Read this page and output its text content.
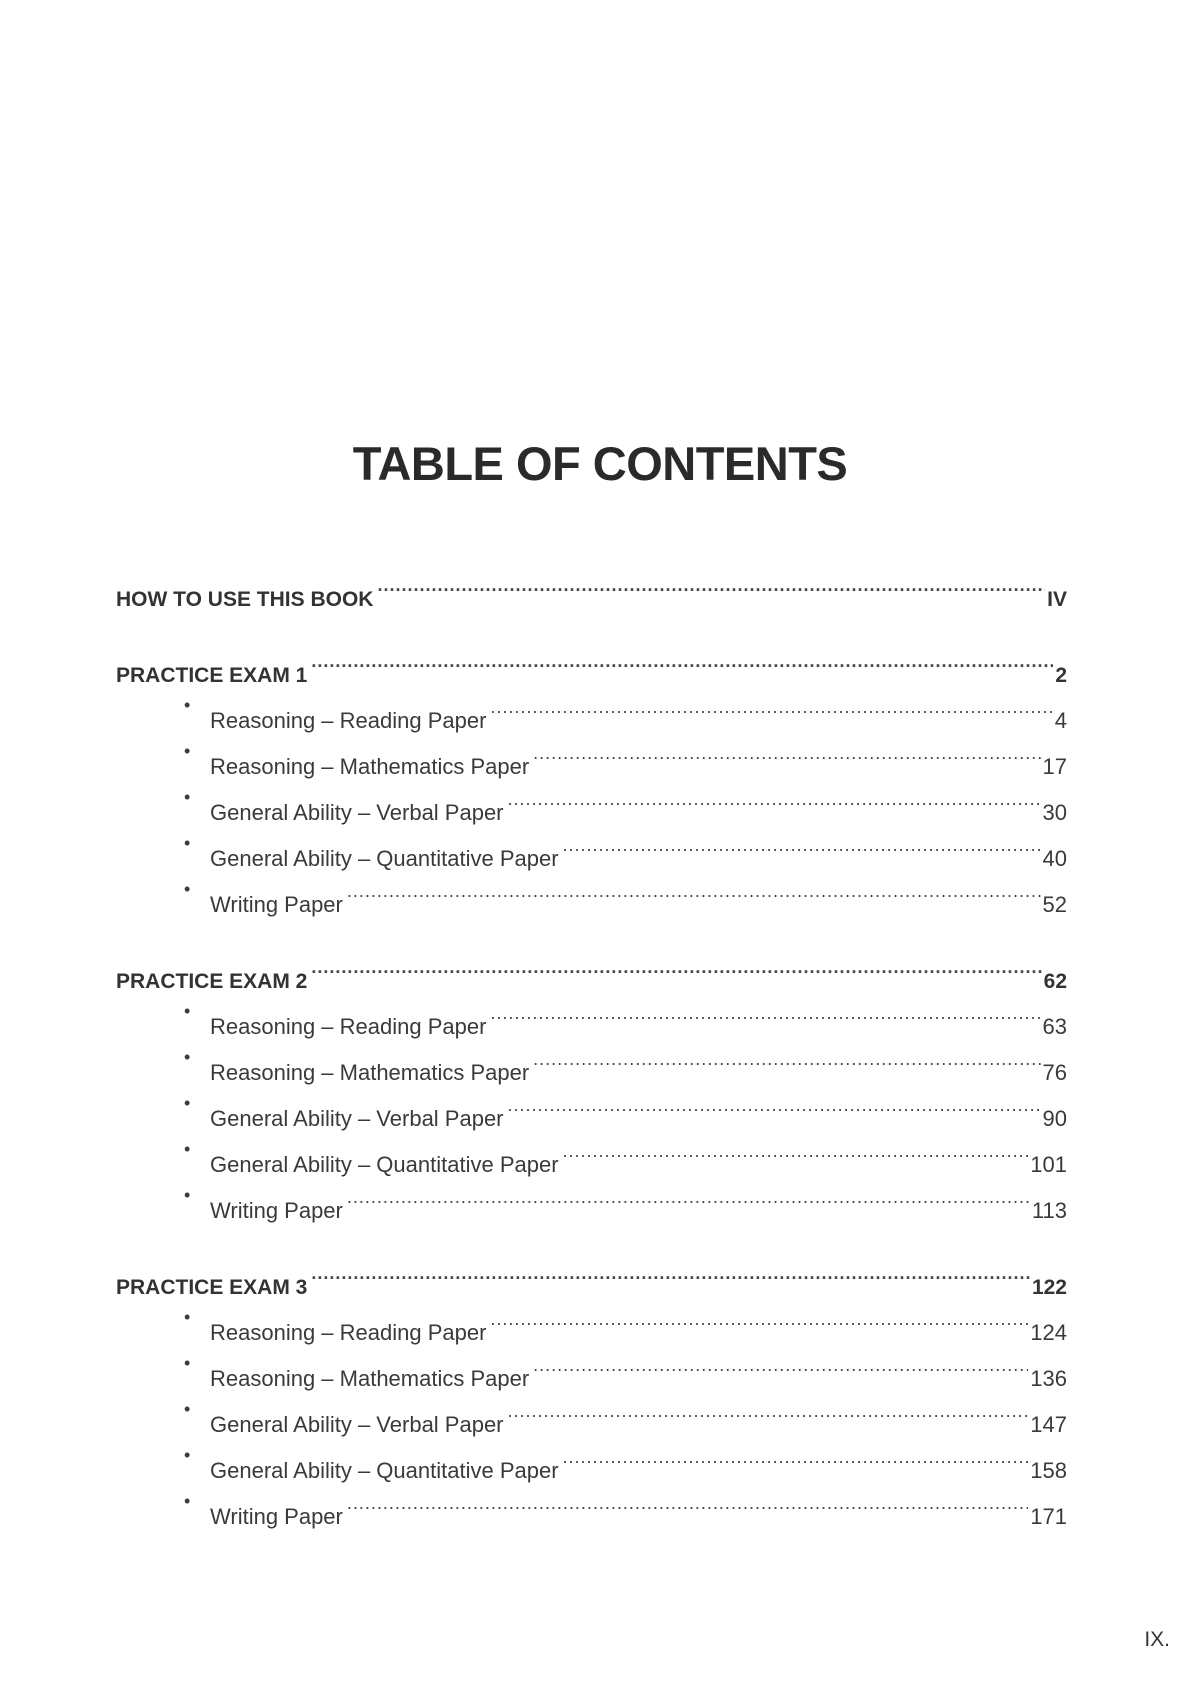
TABLE OF CONTENTS
HOW TO USE THIS BOOK .....	IV
PRACTICE EXAM 1 .....	2
•
Reasoning – Reading Paper .....	4
•
Reasoning – Mathematics Paper .....	17
•
General Ability – Verbal Paper .....	30
•
General Ability – Quantitative Paper .....	40
•
Writing Paper .....	52
PRACTICE EXAM 2 .....	62
•
Reasoning – Reading Paper .....	63
•
Reasoning – Mathematics Paper .....	76
•
General Ability – Verbal Paper .....	90
•
General Ability – Quantitative Paper .....	101
•
Writing Paper .....	113
PRACTICE EXAM 3 .....	122
•
Reasoning – Reading Paper .....	124
•
Reasoning – Mathematics Paper .....	136
•
General Ability – Verbal Paper .....	147
•
General Ability – Quantitative Paper .....	158
•
Writing Paper .....	171
IX.
